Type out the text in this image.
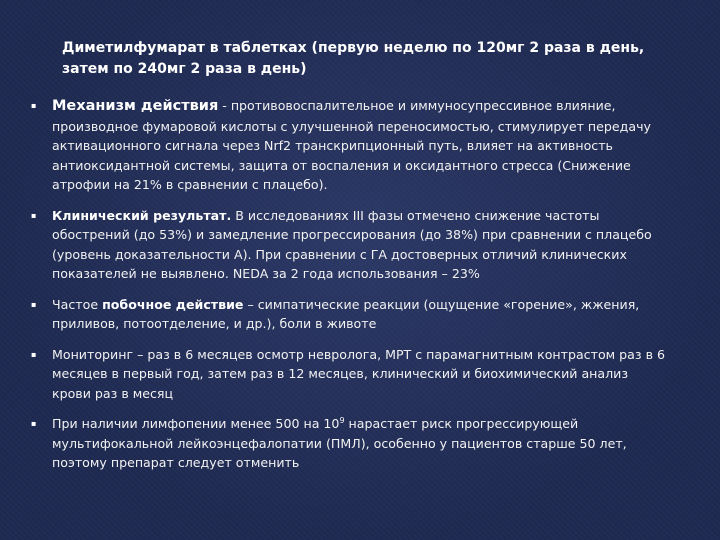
Диметилфумарат в таблетках (первую неделю по 120мг 2 раза в день, затем по 240мг 2 раза в день)
▪ Механизм действия - противовоспалительное и иммуносупрессивное влияние, производное фумаровой кислоты с улучшенной переносимостью, стимулирует передачу активационного сигнала через Nrf2 транскрипционный путь, влияет на активность антиоксидантной системы, защита от воспаления и оксидантного стресса (Снижение атрофии на 21% в сравнении с плацебо).
▪ Клинический результат. В исследованиях III фазы отмечено снижение частоты обострений (до 53%) и замедление прогрессирования (до 38%) при сравнении с плацебо (уровень доказательности А). При сравнении с ГА достоверных отличий клинических показателей не выявлено. NEDA за 2 года использования – 23%
▪ Частое побочное действие – симпатические реакции (ощущение «горение», жжения, приливов, потоотделение, и др.), боли в животе
▪ Мониторинг – раз в 6 месяцев осмотр невролога, МРТ с парамагнитным контрастом раз в 6 месяцев в первый год, затем раз в 12 месяцев, клинический и биохимический анализ крови раз в месяц
▪ При наличии лимфопении менее 500 на $10^9$ нарастает риск прогрессирующей мультифокальной лейкоэнцефалопатии (ПМЛ), особенно у пациентов старше 50 лет, поэтому препарат следует отменить
